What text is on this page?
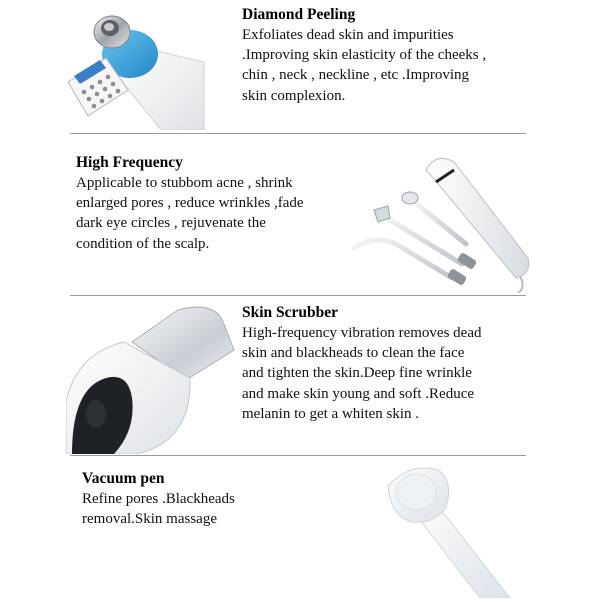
Diamond Peeling
Exfoliates dead skin and impurities
.Improving skin elasticity of the cheeks ,
chin , neck , neckline , etc .Improving
skin complexion.
High Frequency
Applicable to stubbom acne , shrink
enlarged pores , reduce wrinkles ,fade
dark eye circles , rejuvenate the
condition of the scalp.
Skin Scrubber
High-frequency vibration removes dead
skin and blackheads to clean the face
and tighten the skin.Deep fine wrinkle
and make skin young and soft .Reduce
melanin to get a whiten skin .
Vacuum pen
Refine pores .Blackheads
removal.Skin massage
